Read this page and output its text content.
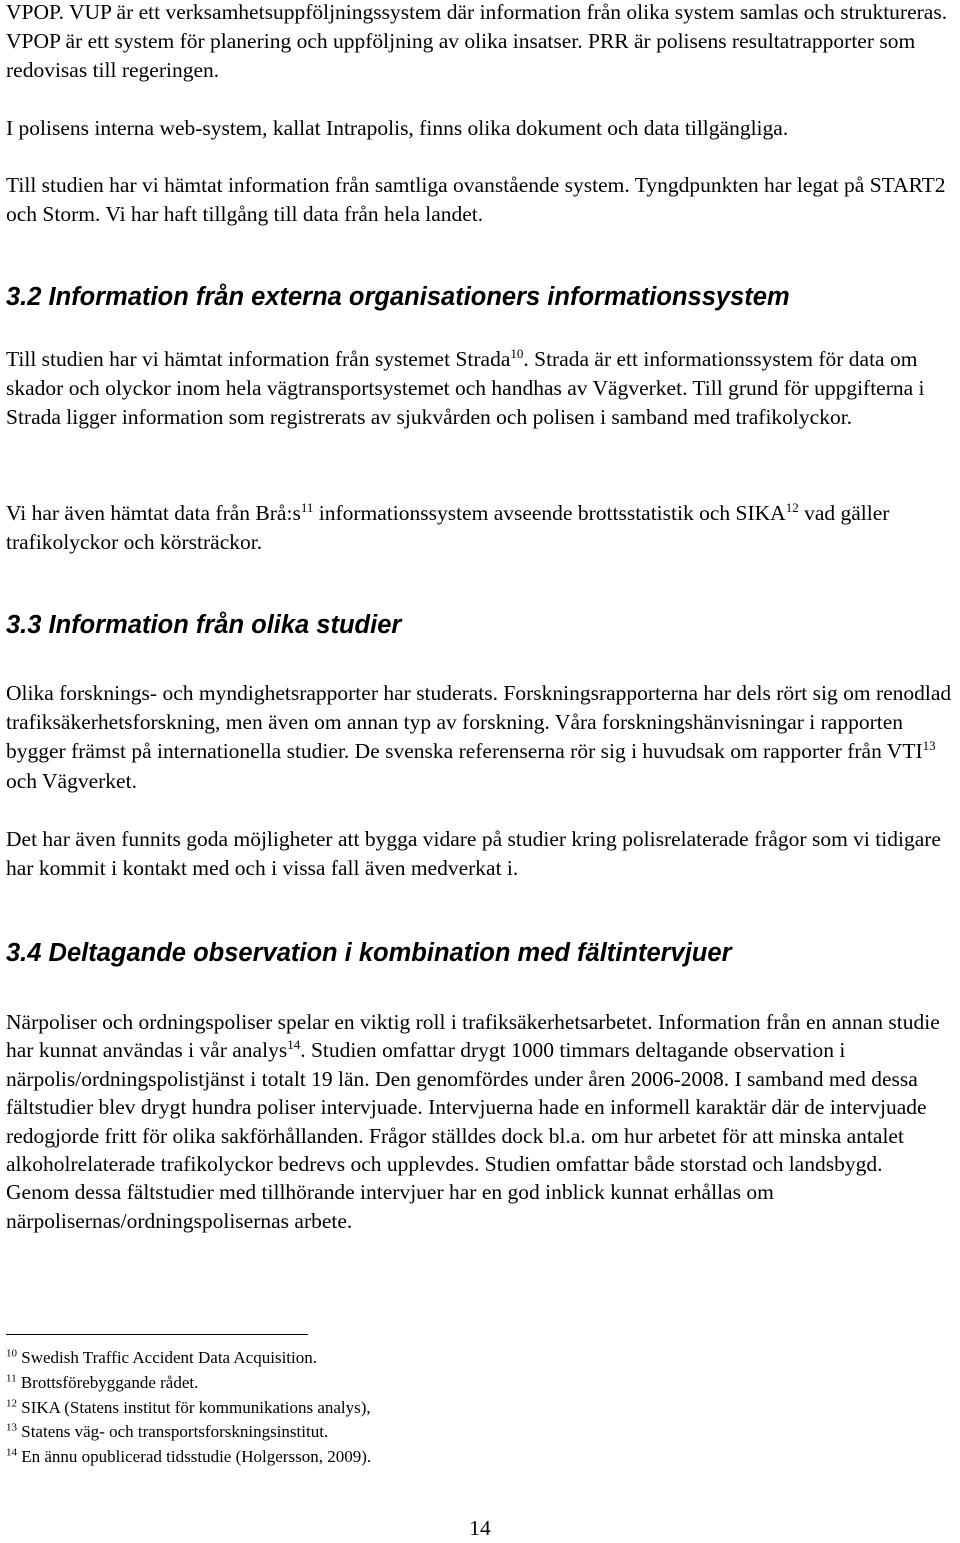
VPOP. VUP är ett verksamhetsuppföljningssystem där information från olika system samlas och struktureras. VPOP är ett system för planering och uppföljning av olika insatser. PRR är polisens resultatrapporter som redovisas till regeringen.

I polisens interna web-system, kallat Intrapolis, finns olika dokument och data tillgängliga.

Till studien har vi hämtat information från samtliga ovanstående system. Tyngdpunkten har legat på START2 och Storm. Vi har haft tillgång till data från hela landet.

3.2 Information från externa organisationers informationssystem

Till studien har vi hämtat information från systemet Strada$^{10}$. Strada är ett informationssystem för data om skador och olyckor inom hela vägtransportsystemet och handhas av Vägverket. Till grund för uppgifterna i Strada ligger information som registrerats av sjukvården och polisen i samband med trafikolyckor.

Vi har även hämtat data från $Brå:s^{11}$ informationssystem avseende brottsstatistik och SIKA$^{12}$ vad gäller trafikolyckor och körsträckor.

3.3 Information från olika studier

Olika forsknings- och myndighetsrapporter har studerats. Forskningsrapporterna har dels rört sig om renodlad trafiksäkerhetsforskning, men även om annan typ av forskning. Våra forskningshänvisningar i rapporten bygger främst på internationella studier. De svenska referenserna rör sig i huvudsak om rapporter från VTI$^{13}$ och Vägverket.

Det har även funnits goda möjligheter att bygga vidare på studier kring polisrelaterade frågor som vi tidigare har kommit i kontakt med och i vissa fall även medverkat i.

3.4 Deltagande observation i kombination med fältintervjuer

Närpoliser och ordningspoliser spelar en viktig roll i trafiksäkerhetsarbetet. Information från en annan studie har kunnat användas i vår analys$^{14}$. Studien omfattar drygt 1000 timmars deltagande observation i närpolis/ordningspolistjänst i totalt 19 län. Den genomfördes under åren 2006-2008. I samband med dessa fältstudier blev drygt hundra poliser intervjuade. Intervjuerna hade en informell karaktär där de intervjuade redogjorde fritt för olika sakförhållanden. Frågor ställdes dock bl.a. om hur arbetet för att minska antalet alkoholrelaterade trafikolyckor bedrevs och upplevdes. Studien omfattar både storstad och landsbygd. Genom dessa fältstudier med tillhörande intervjuer har en god inblick kunnat erhållas om närpolisernas/ordningspolisernas arbete.

$^{10}$ Swedish Traffic Accident Data Acquisition.

$^{11}$ Brottsförebyggande rådet.

$^{12}$ SIKA (Statens institut för kommunikations analys),

$^{13}$ Statens väg- och transportsforskningsinstitut.

$^{14}$ En ännu opublicerad tidsstudie (Holgersson, 2009).

14
